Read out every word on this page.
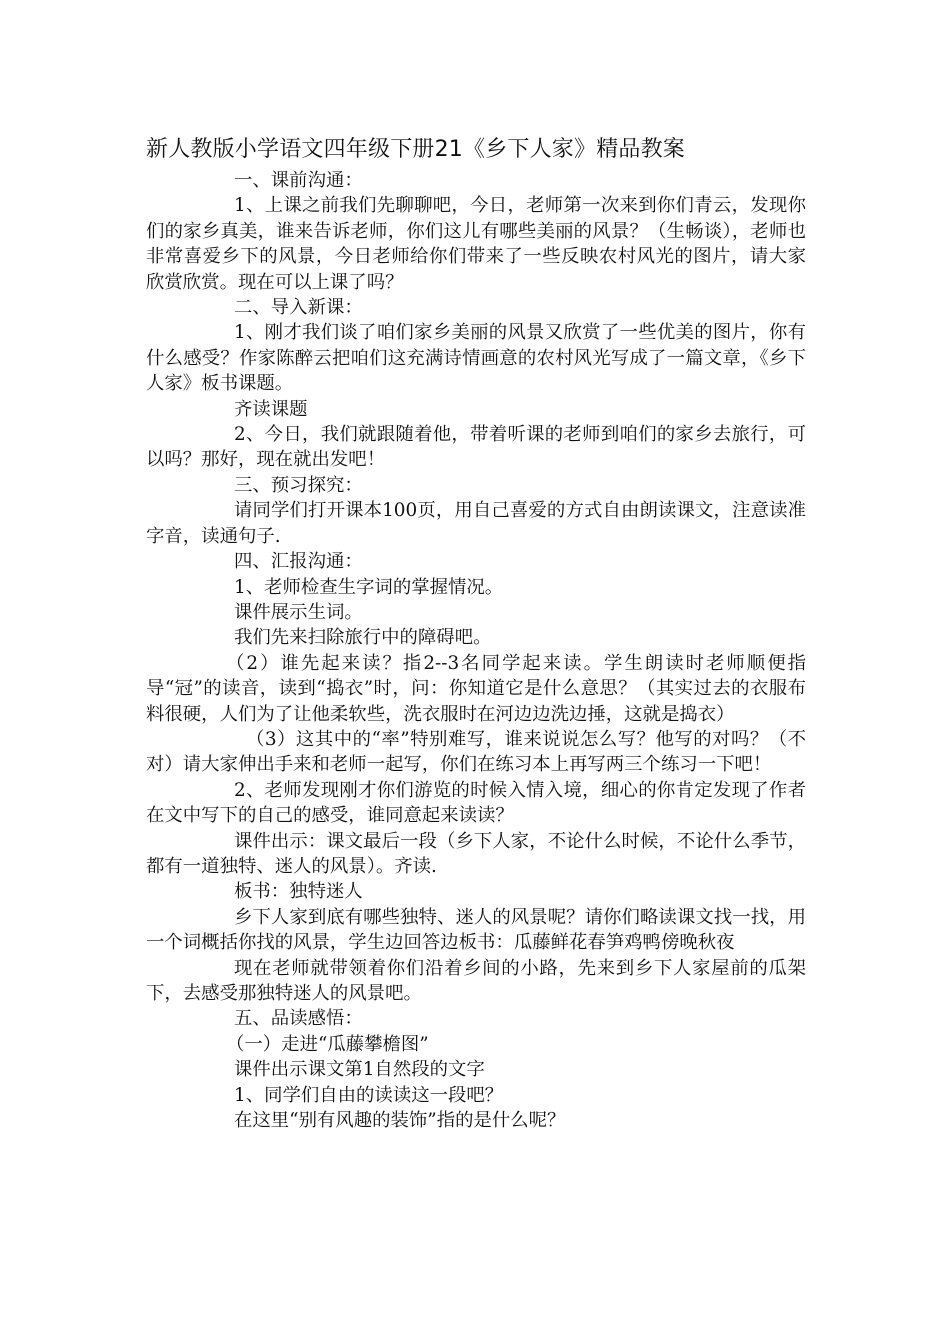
新人教版小学语文四年级下册21《乡下人家》精品教案

一、课前沟通：

1、上课之前我们先聊聊吧，今日，老师第一次来到你们青云，发现你们的家乡真美，谁来告诉老师，你们这儿有哪些美丽的风景？（生畅谈），老师也非常喜爱乡下的风景，今日老师给你们带来了一些反映农村风光的图片，请大家欣赏欣赏。现在可以上课了吗？

二、导入新课：

1、刚才我们谈了咱们家乡美丽的风景又欣赏了一些优美的图片，你有什么感受？作家陈醉云把咱们这充满诗情画意的农村风光写成了一篇文章，《乡下人家》板书课题。

齐读课题

2、今日，我们就跟随着他，带着听课的老师到咱们的家乡去旅行，可以吗？那好，现在就出发吧！

三、预习探究：

请同学们打开课本100页，用自己喜爱的方式自由朗读课文，注意读准字音，读通句子.

四、汇报沟通：

1、老师检查生字词的掌握情况。

课件展示生词。

我们先来扫除旅行中的障碍吧。

（2）谁先起来读？指2--3名同学起来读。学生朗读时老师顺便指导“冠”的读音，读到“捣衣”时，问：你知道它是什么意思？（其实过去的衣服布料很硬，人们为了让他柔软些，洗衣服时在河边边洗边捶，这就是捣衣）

（3）这其中的“率”特别难写，谁来说说怎么写？他写的对吗？（不对）请大家伸出手来和老师一起写，你们在练习本上再写两三个练习一下吧！

2、老师发现刚才你们游览的时候入情入境，细心的你肯定发现了作者在文中写下的自己的感受，谁同意起来读读？

课件出示：课文最后一段（乡下人家，不论什么时候，不论什么季节，都有一道独特、迷人的风景）。齐读.

板书：独特迷人

乡下人家到底有哪些独特、迷人的风景呢？请你们略读课文找一找，用一个词概括你找的风景，学生边回答边板书：瓜藤鲜花春笋鸡鸭傍晚秋夜

现在老师就带领着你们沿着乡间的小路，先来到乡下人家屋前的瓜架下，去感受那独特迷人的风景吧。

五、品读感悟：

（一）走进“瓜藤攀檐图”

课件出示课文第1自然段的文字

1、同学们自由的读读这一段吧？

在这里“别有风趣的装饰”指的是什么呢？
